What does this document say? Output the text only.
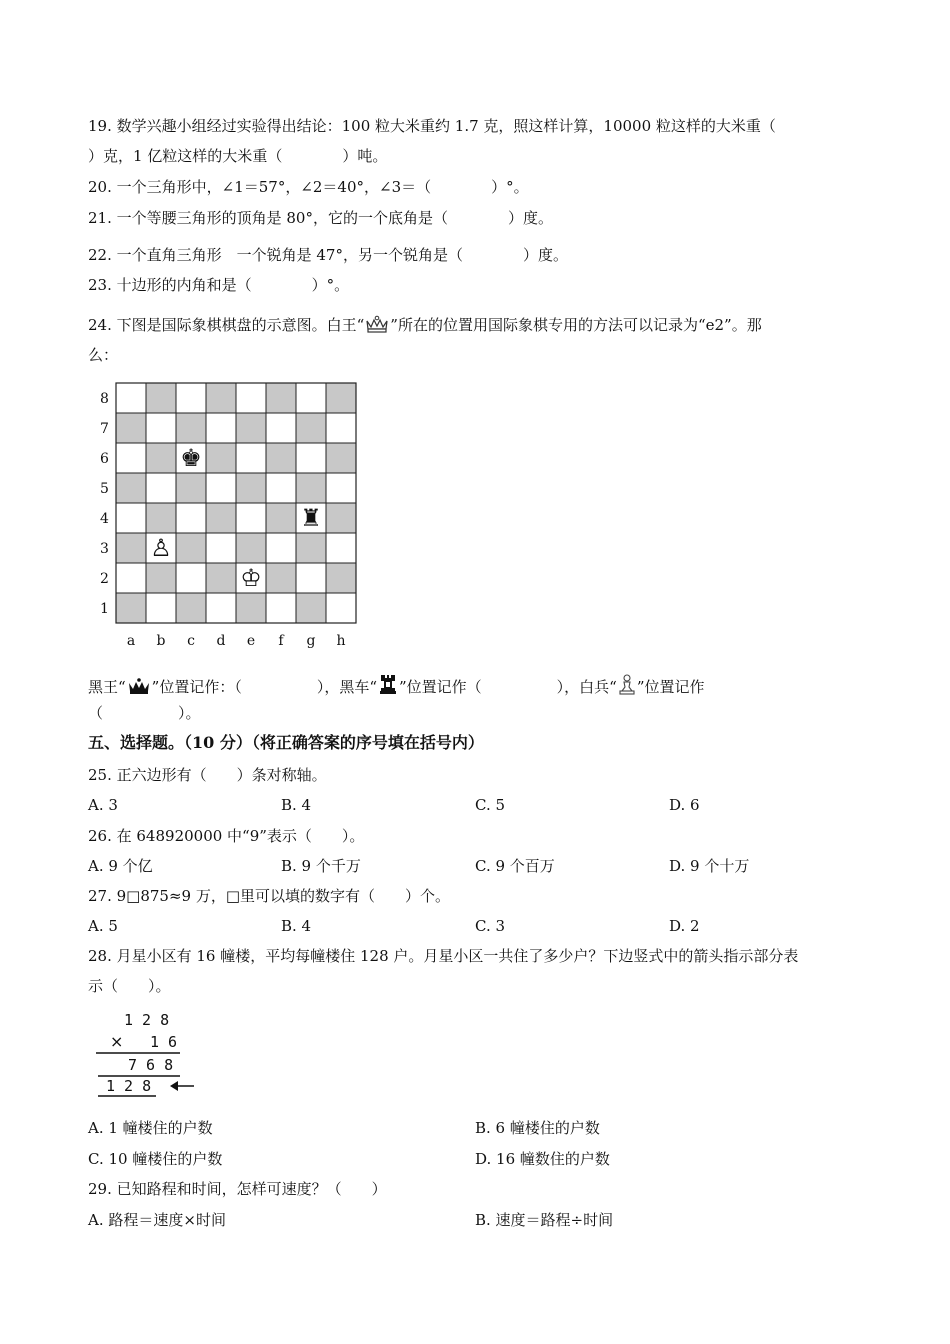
19. 数学兴趣小组经过实验得出结论：100 粒大米重约 1.7 克，照这样计算，10000 粒这样的大米重（
）克，1 亿粒这样的大米重（　　　　）吨。
20. 一个三角形中，∠1＝57°，∠2＝40°，∠3＝（　　　　）°。
21. 一个等腰三角形的顶角是 80°，它的一个底角是（　　　　）度。
22. 一个直角三角形　一个锐角是 47°，另一个锐角是（　　　　）度。
23. 十边形的内角和是（　　　　）°。
24. 下图是国际象棋棋盘的示意图。白王“ ”所在的位置用国际象棋专用的方法可以记录为“e2”。那
么：
8
7
6
5
4
3
2
1
a b c d e f g h
♚
♜
♙
♔
黑王“ ”位置记作：（　　　　　），黑车“ ”位置记作（　　　　　），白兵“ ”位置记作
（　　　　　）。
五、选择题。（10 分）（将正确答案的序号填在括号内）
25. 正六边形有（　　）条对称轴。
A. 3	B. 4	C. 5	D. 6
26. 在 648920000 中“9”表示（　　）。
A. 9 个亿	B. 9 个千万	C. 9 个百万	D. 9 个十万
27. 9□875≈9 万，□里可以填的数字有（　　）个。
A. 5	B. 4	C. 3	D. 2
28. 月星小区有 16 幢楼，平均每幢楼住 128 户。月星小区一共住了多少户？下边竖式中的箭头指示部分表
示（　　）。
1 2 8
× 1 6
7 6 8
1 2 8
A. 1 幢楼住的户数	B. 6 幢楼住的户数
C. 10 幢楼住的户数	D. 16 幢数住的户数
29. 已知路程和时间，怎样可速度？（　　）
A. 路程＝速度×时间	B. 速度＝路程÷时间
